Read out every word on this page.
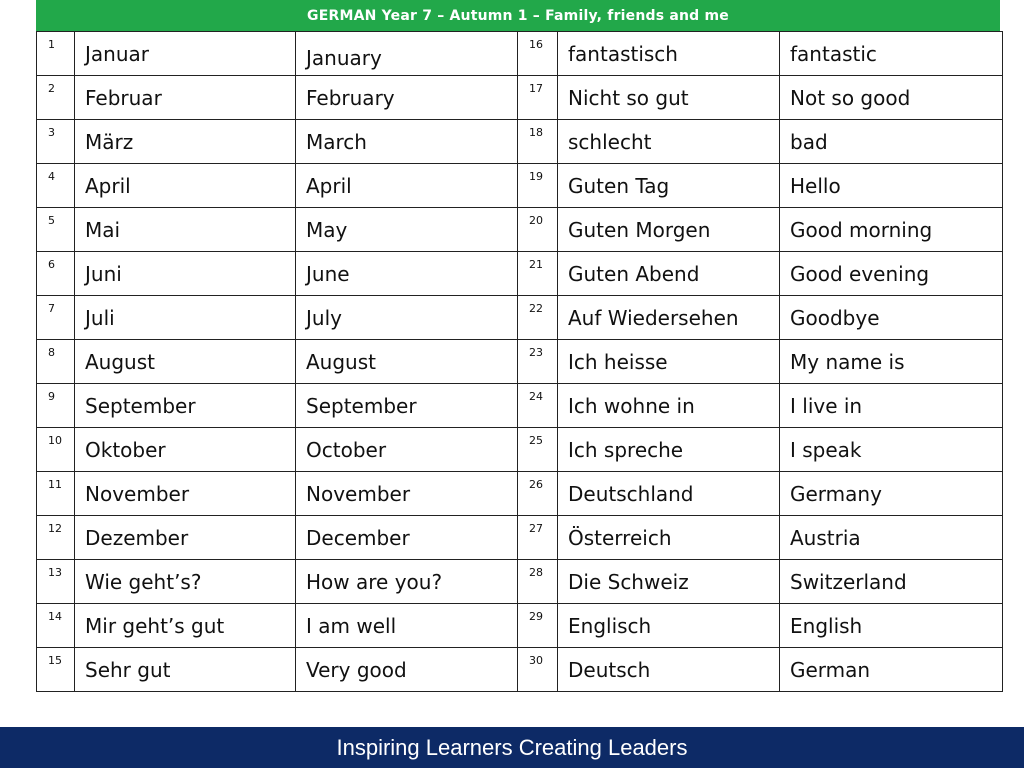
GERMAN Year 7 – Autumn 1 – Family, friends and me
1	Januar	January	16	fantastisch	fantastic
2	Februar	February	17	Nicht so gut	Not so good
3	März	March	18	schlecht	bad
4	April	April	19	Guten Tag	Hello
5	Mai	May	20	Guten Morgen	Good morning
6	Juni	June	21	Guten Abend	Good evening
7	Juli	July	22	Auf Wiedersehen	Goodbye
8	August	August	23	Ich heisse	My name is
9	September	September	24	Ich wohne in	I live in
10	Oktober	October	25	Ich spreche	I speak
11	November	November	26	Deutschland	Germany
12	Dezember	December	27	Österreich	Austria
13	Wie geht’s?	How are you?	28	Die Schweiz	Switzerland
14	Mir geht’s gut	I am well	29	Englisch	English
15	Sehr gut	Very good	30	Deutsch	German
Inspiring Learners Creating Leaders
